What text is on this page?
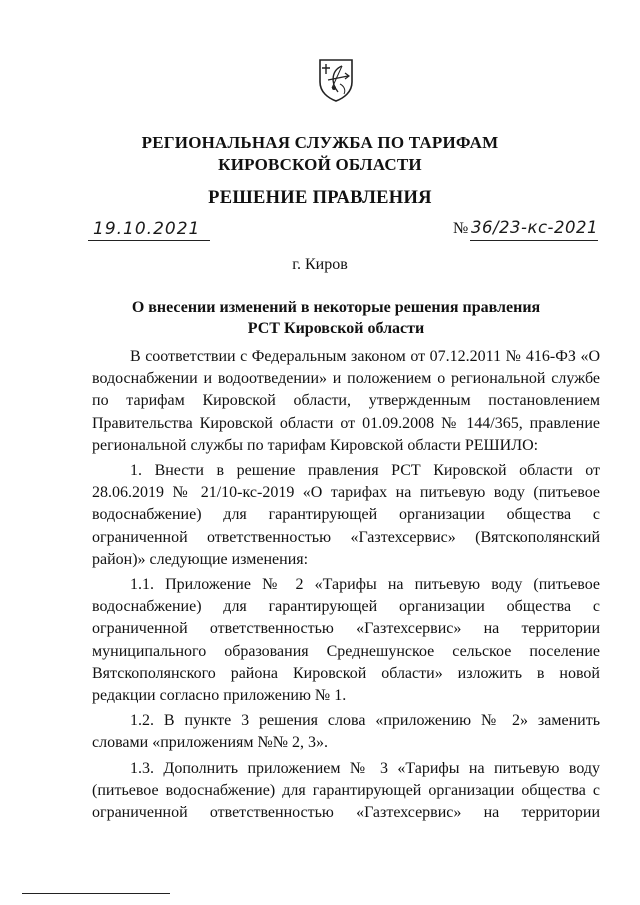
РЕГИОНАЛЬНАЯ СЛУЖБА ПО ТАРИФАМ
КИРОВСКОЙ ОБЛАСТИ
РЕШЕНИЕ ПРАВЛЕНИЯ
19.10.2021	№ 36/23-кс-2021
г. Киров
О внесении изменений в некоторые решения правления
РСТ Кировской области

В соответствии с Федеральным законом от 07.12.2011 № 416-ФЗ «О водоснабжении и водоотведении» и положением о региональной службе по тарифам Кировской области, утвержденным постановлением Правительства Кировской области от 01.09.2008 № 144/365, правление региональной службы по тарифам Кировской области РЕШИЛО:

1. Внести в решение правления РСТ Кировской области от 28.06.2019 № 21/10-кс-2019 «О тарифах на питьевую воду (питьевое водоснабжение) для гарантирующей организации общества с ограниченной ответственностью «Газтехсервис» (Вятскополянский район)» следующие изменения:

1.1. Приложение № 2 «Тарифы на питьевую воду (питьевое водоснабжение) для гарантирующей организации общества с ограниченной ответственностью «Газтехсервис» на территории муниципального образования Среднешунское сельское поселение Вятскополянского района Кировской области» изложить в новой редакции согласно приложению № 1.

1.2. В пункте 3 решения слова «приложению № 2» заменить словами «приложениям №№ 2, 3».

1.3. Дополнить приложением № 3 «Тарифы на питьевую воду (питьевое водоснабжение) для гарантирующей организации общества с ограниченной ответственностью «Газтехсервис» на территории
